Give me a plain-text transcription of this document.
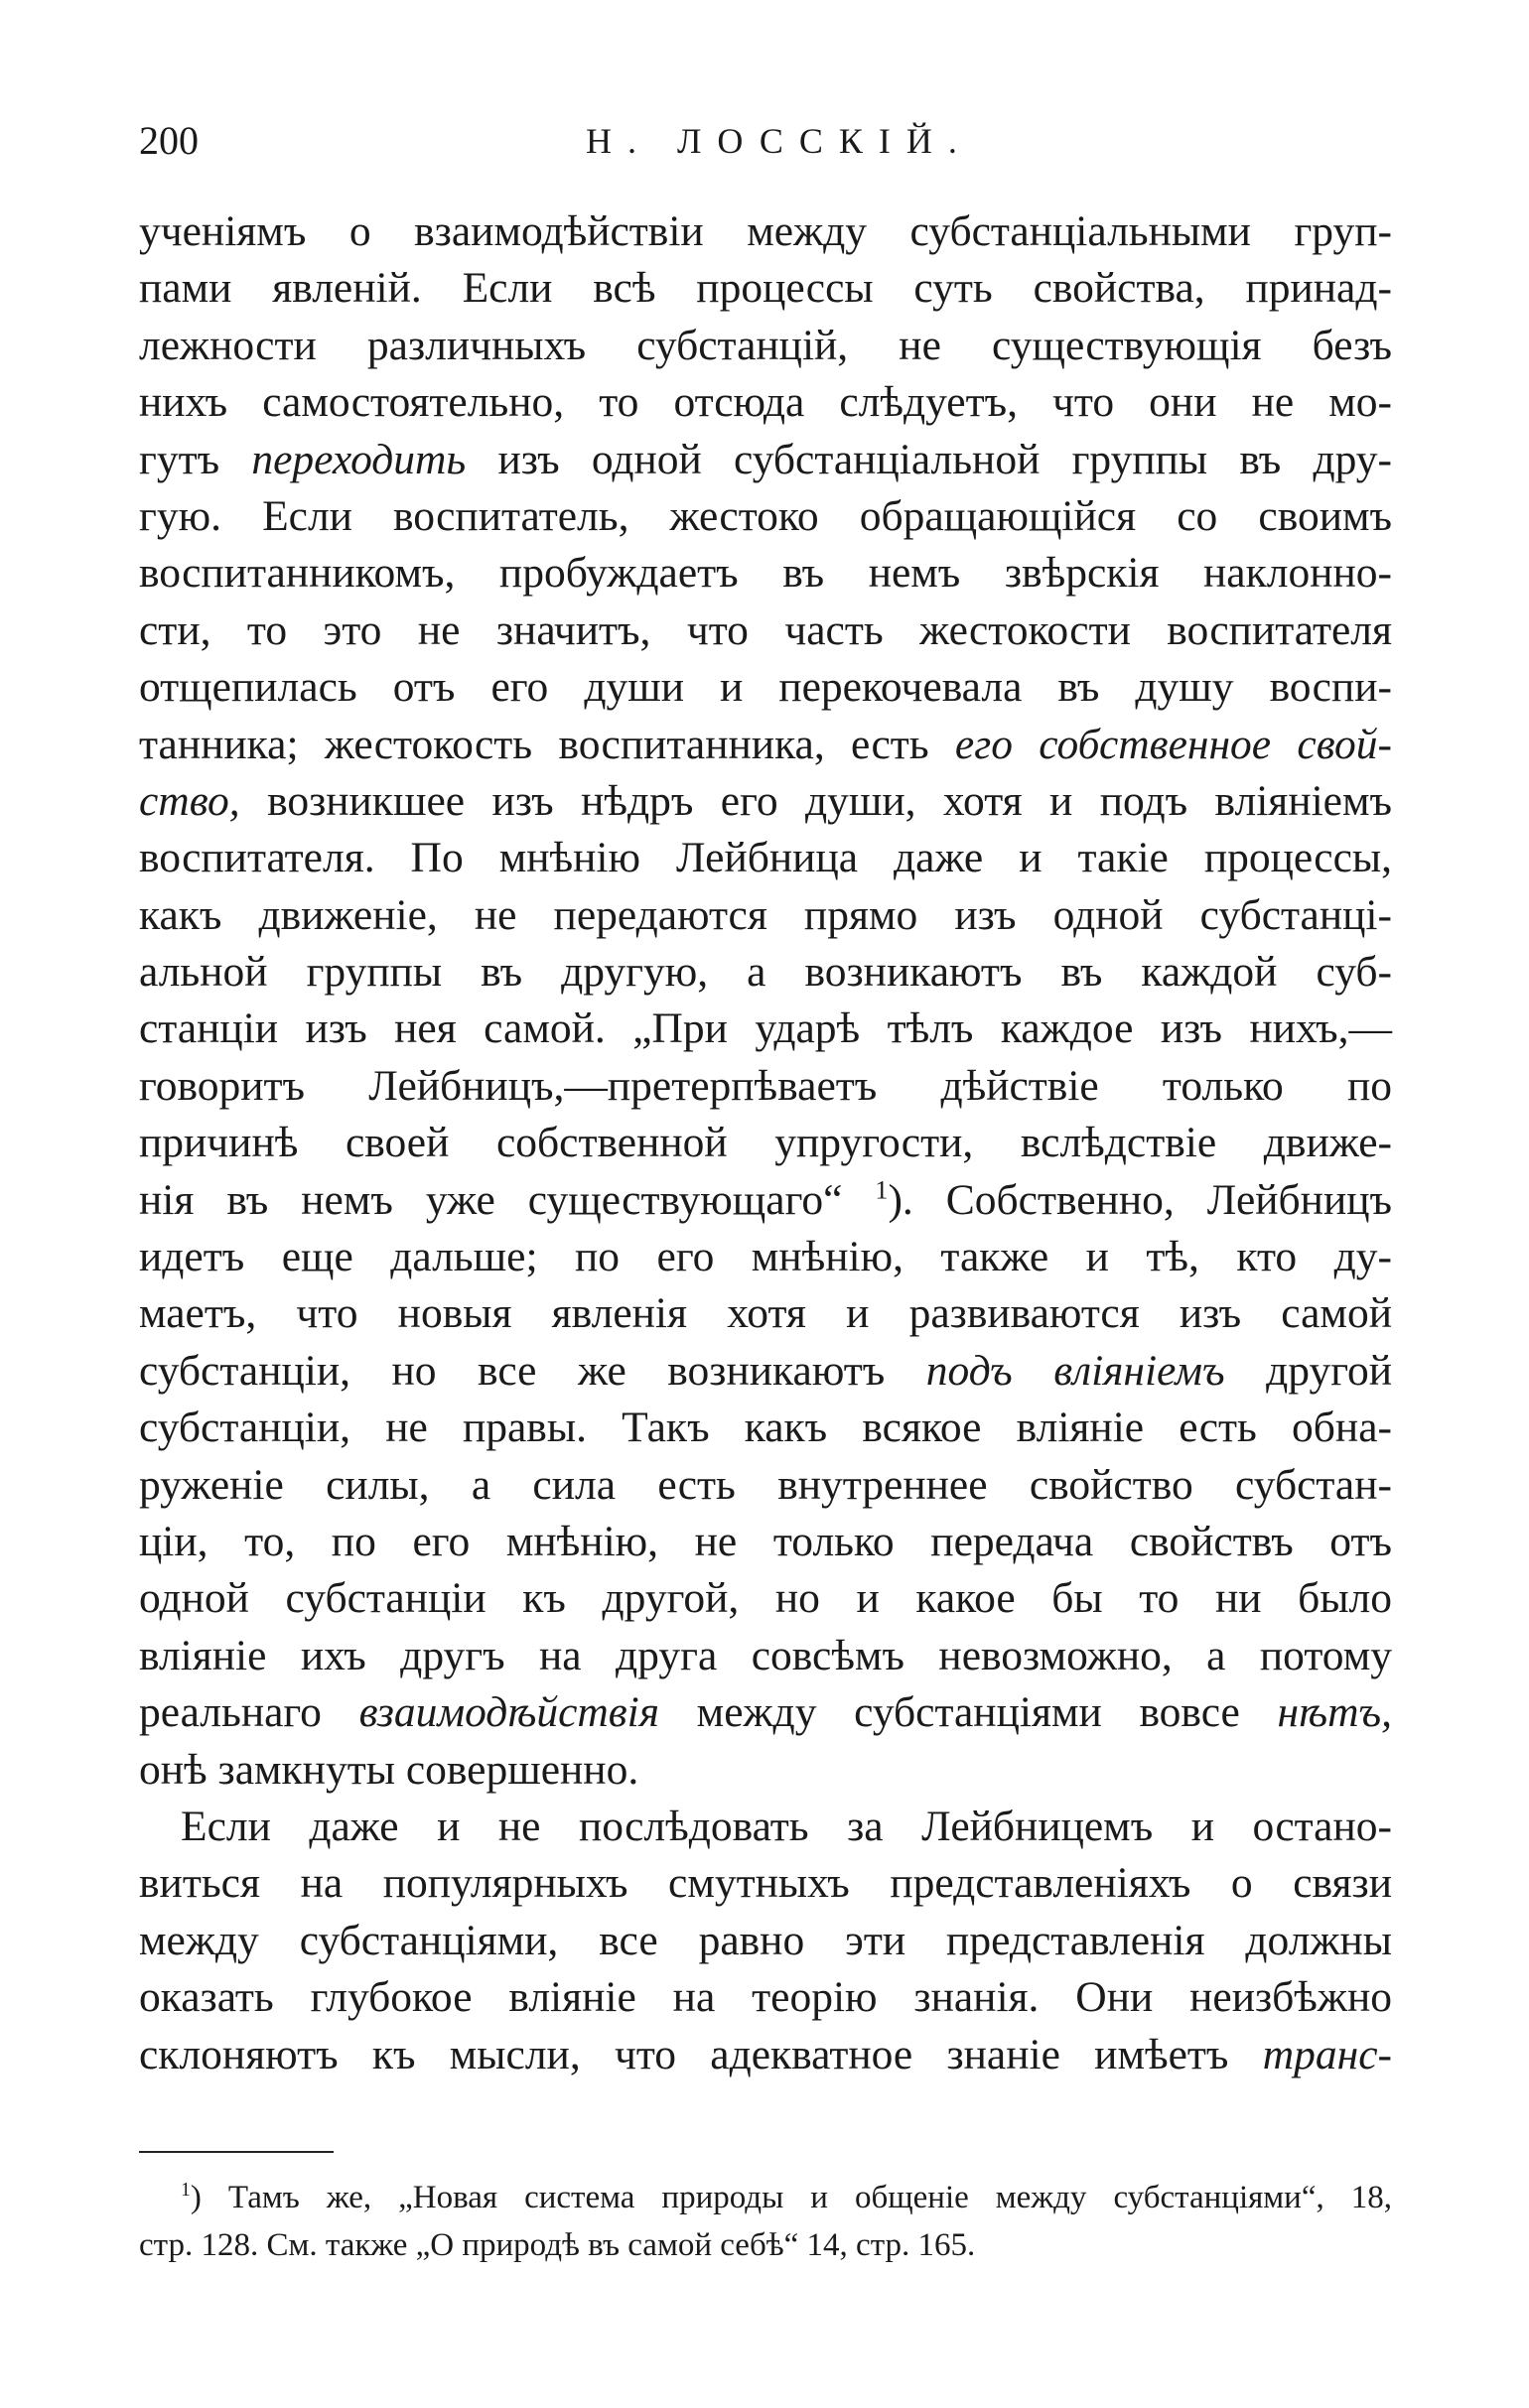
200	Н. ЛОССКІЙ.
ученіямъ о взаимодѣйствіи между субстанціальными груп-
пами явленій. Если всѣ процессы суть свойства, принад-
лежности различныхъ субстанцій, не существующія безъ
нихъ самостоятельно, то отсюда слѣдуетъ, что они не мо-
гутъ переходить изъ одной субстанціальной группы въ дру-
гую. Если воспитатель, жестоко обращающійся со своимъ
воспитанникомъ, пробуждаетъ въ немъ звѣрскія наклонно-
сти, то это не значитъ, что часть жестокости воспитателя
отщепилась отъ его души и перекочевала въ душу воспи-
танника; жестокость воспитанника, есть его собственное свой-
ство, возникшее изъ нѣдръ его души, хотя и подъ вліяніемъ
воспитателя. По мнѣнію Лейбница даже и такіе процессы,
какъ движеніе, не передаются прямо изъ одной субстанці-
альной группы въ другую, а возникаютъ въ каждой суб-
станціи изъ нея самой. „При ударѣ тѣлъ каждое изъ нихъ,—
говоритъ Лейбницъ,—претерпѣваетъ дѣйствіе только по
причинѣ своей собственной упругости, вслѣдствіе движе-
нія въ немъ уже существующаго“ $^1$). Собственно, Лейбницъ
идетъ еще дальше; по его мнѣнію, также и тѣ, кто ду-
маетъ, что новыя явленія хотя и развиваются изъ самой
субстанціи, но все же возникаютъ подъ вліяніемъ другой
субстанціи, не правы. Такъ какъ всякое вліяніе есть обна-
руженіе силы, а сила есть внутреннее свойство субстан-
ціи, то, по его мнѣнію, не только передача свойствъ отъ
одной субстанціи къ другой, но и какое бы то ни было
вліяніе ихъ другъ на друга совсѣмъ невозможно, а потому
реальнаго взаимодѣйствія между субстанціями вовсе нѣтъ,
онѣ замкнуты совершенно.
Если даже и не послѣдовать за Лейбницемъ и остано-
виться на популярныхъ смутныхъ представленіяхъ о связи
между субстанціями, все равно эти представленія должны
оказать глубокое вліяніе на теорію знанія. Они неизбѣжно
склоняютъ къ мысли, что адекватное знаніе имѣетъ транс-
$^1$) Тамъ же, „Новая система природы и общеніе между субстанціями“, 18,
стр. 128. См. также „О природѣ въ самой себѣ“ 14, стр. 165.
